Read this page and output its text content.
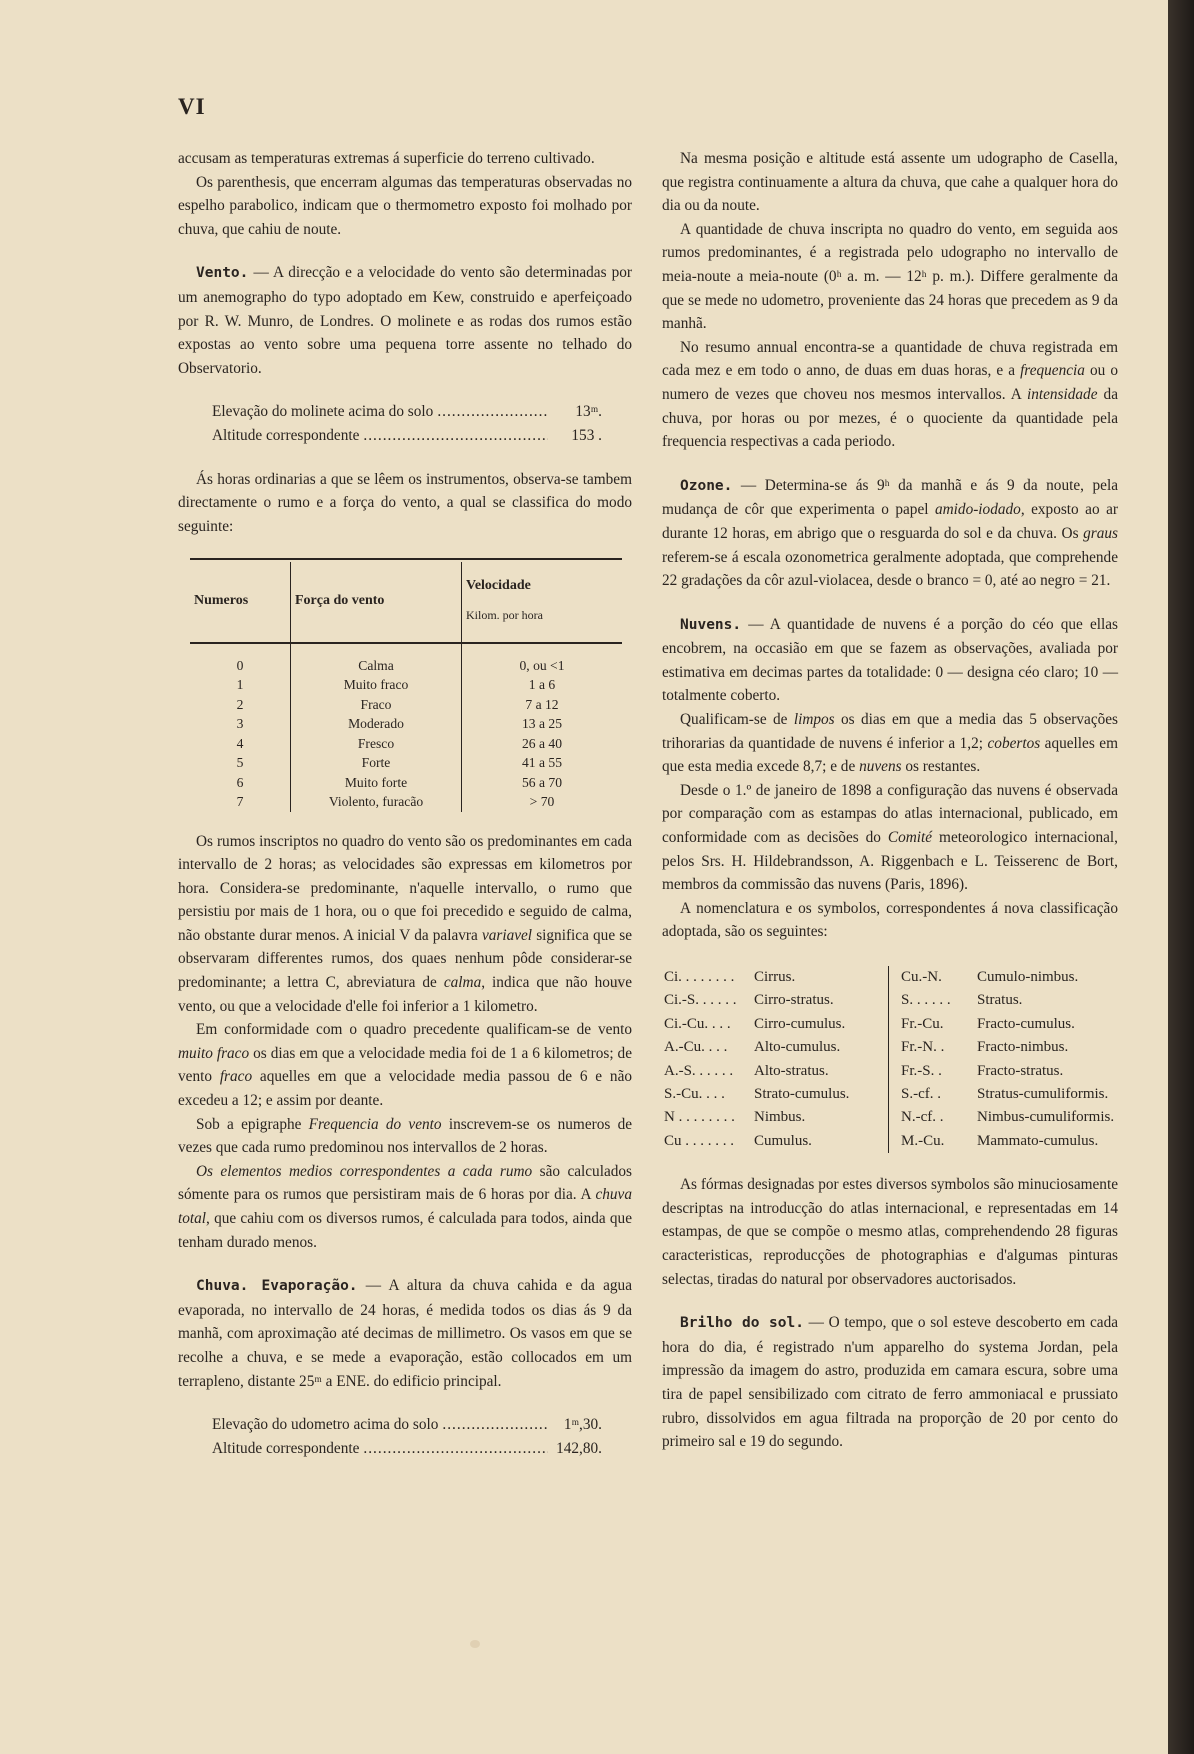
VI

accusam as temperaturas extremas á superficie do terreno cultivado.

Os parenthesis, que encerram algumas das temperaturas observadas no espelho parabolico, indicam que o thermometro exposto foi molhado por chuva, que cahiu de noute.

Vento. — A direcção e a velocidade do vento são determinadas por um anemographo do typo adoptado em Kew, construido e aperfeiçoado por R. W. Munro, de Londres. O molinete e as rodas dos rumos estão expostas ao vento sobre uma pequena torre assente no telhado do Observatorio.

Elevação do molinete acima do solo .....	13ᵐ.
Altitude correspondente .....	153 .

Ás horas ordinarias a que se lêem os instrumentos, observa-se tambem directamente o rumo e a força do vento, a qual se classifica do modo seguinte:

Numeros	Força do vento	Velocidade
Kilom. por hora

0	Calma	0, ou <1
1	Muito fraco	1 a 6
2	Fraco	7 a 12
3	Moderado	13 a 25
4	Fresco	26 a 40
5	Forte	41 a 55
6	Muito forte	56 a 70
7	Violento, furacão	> 70

Os rumos inscriptos no quadro do vento são os predominantes em cada intervallo de 2 horas; as velocidades são expressas em kilometros por hora. Considera-se predominante, n'aquelle intervallo, o rumo que persistiu por mais de 1 hora, ou o que foi precedido e seguido de calma, não obstante durar menos. A inicial V da palavra variavel significa que se observaram differentes rumos, dos quaes nenhum pôde considerar-se predominante; a lettra C, abreviatura de calma, indica que não houve vento, ou que a velocidade d'elle foi inferior a 1 kilometro.

Em conformidade com o quadro precedente qualificam-se de vento muito fraco os dias em que a velocidade media foi de 1 a 6 kilometros; de vento fraco aquelles em que a velocidade media passou de 6 e não excedeu a 12; e assim por deante.

Sob a epigraphe Frequencia do vento inscrevem-se os numeros de vezes que cada rumo predominou nos intervallos de 2 horas.

Os elementos medios correspondentes a cada rumo são calculados sómente para os rumos que persistiram mais de 6 horas por dia. A chuva total, que cahiu com os diversos rumos, é calculada para todos, ainda que tenham durado menos.

Chuva. Evaporação. — A altura da chuva cahida e da agua evaporada, no intervallo de 24 horas, é medida todos os dias ás 9 da manhã, com aproximação até decimas de millimetro. Os vasos em que se recolhe a chuva, e se mede a evaporação, estão collocados em um terrapleno, distante 25ᵐ a ENE. do edificio principal.

Elevação do udometro acima do solo .....	1ᵐ,30.
Altitude correspondente .....	142,80.

Na mesma posição e altitude está assente um udographo de Casella, que registra continuamente a altura da chuva, que cahe a qualquer hora do dia ou da noute.

A quantidade de chuva inscripta no quadro do vento, em seguida aos rumos predominantes, é a registrada pelo udographo no intervallo de meia-noute a meia-noute (0ʰ a. m. — 12ʰ p. m.). Differe geralmente da que se mede no udometro, proveniente das 24 horas que precedem as 9 da manhã.

No resumo annual encontra-se a quantidade de chuva registrada em cada mez e em todo o anno, de duas em duas horas, e a frequencia ou o numero de vezes que choveu nos mesmos intervallos. A intensidade da chuva, por horas ou por mezes, é o quociente da quantidade pela frequencia respectivas a cada periodo.

Ozone. — Determina-se ás 9ʰ da manhã e ás 9 da noute, pela mudança de côr que experimenta o papel amido-iodado, exposto ao ar durante 12 horas, em abrigo que o resguarda do sol e da chuva. Os graus referem-se á escala ozonometrica geralmente adoptada, que comprehende 22 gradações da côr azul-violacea, desde o branco = 0, até ao negro = 21.

Nuvens. — A quantidade de nuvens é a porção do céo que ellas encobrem, na occasião em que se fazem as observações, avaliada por estimativa em decimas partes da totalidade: 0 — designa céo claro; 10 — totalmente coberto.

Qualificam-se de limpos os dias em que a media das 5 observações trihorarias da quantidade de nuvens é inferior a 1,2; cobertos aquelles em que esta media excede 8,7; e de nuvens os restantes.

Desde o 1.º de janeiro de 1898 a configuração das nuvens é observada por comparação com as estampas do atlas internacional, publicado, em conformidade com as decisões do Comité meteorologico internacional, pelos Srs. H. Hildebrandsson, A. Riggenbach e L. Teisserenc de Bort, membros da commissão das nuvens (Paris, 1896).

A nomenclatura e os symbolos, correspondentes á nova classificação adoptada, são os seguintes:

Ci. . . . . . . .	Cirrus.
Ci.-S. . . . . .	Cirro-stratus.
Ci.-Cu. . . .	Cirro-cumulus.
A.-Cu. . . .	Alto-cumulus.
A.-S. . . . . .	Alto-stratus.
S.-Cu. . . .	Strato-cumulus.
N . . . . . . . .	Nimbus.
Cu . . . . . . .	Cumulus.
Cu.-N.	Cumulo-nimbus.
S. . . . . .	Stratus.
Fr.-Cu.	Fracto-cumulus.
Fr.-N. .	Fracto-nimbus.
Fr.-S. .	Fracto-stratus.
S.-cf. .	Stratus-cumuliformis.
N.-cf. .	Nimbus-cumuliformis.
M.-Cu.	Mammato-cumulus.

As fórmas designadas por estes diversos symbolos são minuciosamente descriptas na introducção do atlas internacional, e representadas em 14 estampas, de que se compõe o mesmo atlas, comprehendendo 28 figuras caracteristicas, reproducções de photographias e d'algumas pinturas selectas, tiradas do natural por observadores auctorisados.

Brilho do sol. — O tempo, que o sol esteve descoberto em cada hora do dia, é registrado n'um apparelho do systema Jordan, pela impressão da imagem do astro, produzida em camara escura, sobre uma tira de papel sensibilizado com citrato de ferro ammoniacal e prussiato rubro, dissolvidos em agua filtrada na proporção de 20 por cento do primeiro sal e 19 do segundo.
